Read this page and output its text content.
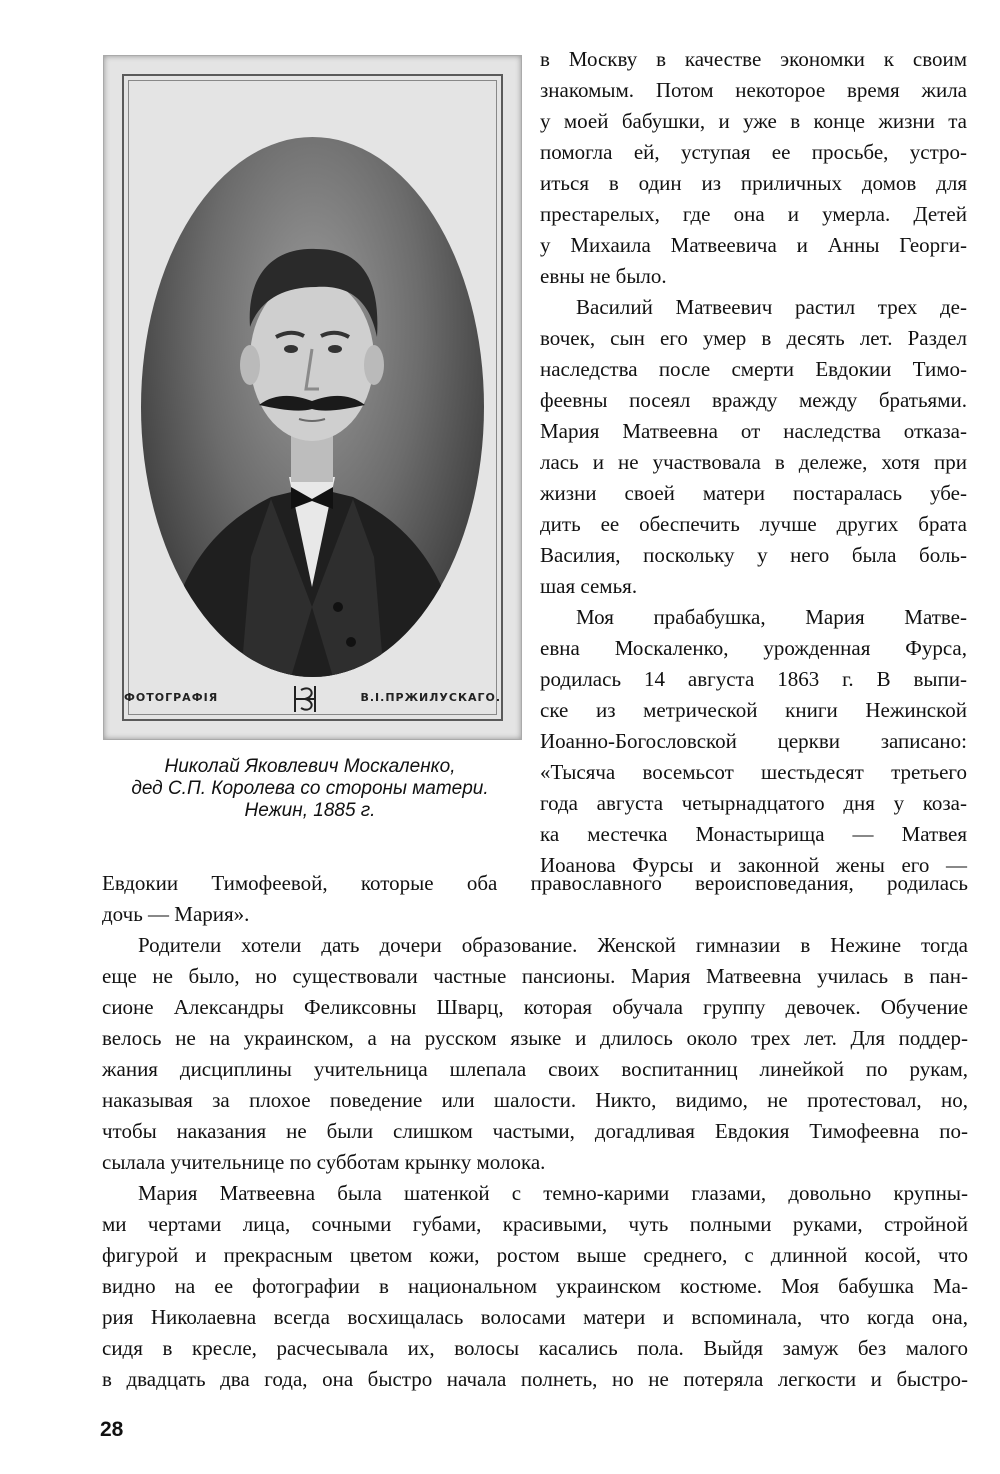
ФОТОГРАФIЯ	В.I.ПРЖИЛУСКАГО.
Николай Яковлевич Москаленко,
дед С.П. Королева со стороны матери.
Нежин, 1885 г.
в Москву в качестве экономки к своим
знакомым. Потом некоторое время жила
у моей бабушки, и уже в конце жизни та
помогла ей, уступая ее просьбе, устро-
иться в один из приличных домов для
престарелых, где она и умерла. Детей
у Михаила Матвеевича и Анны Георги-
евны не было.
Василий Матвеевич растил трех де-
вочек, сын его умер в десять лет. Раздел
наследства после смерти Евдокии Тимо-
феевны посеял вражду между братьями.
Мария Матвеевна от наследства отказа-
лась и не участвовала в дележе, хотя при
жизни своей матери постаралась убе-
дить ее обеспечить лучше других брата
Василия, поскольку у него была боль-
шая семья.
Моя прабабушка, Мария Матве-
евна Москаленко, урожденная Фурса,
родилась 14 августа 1863 г. В выпи-
ске из метрической книги Нежинской
Иоанно-Богословской церкви записано:
«Тысяча восемьсот шестьдесят третьего
года августа четырнадцатого дня у коза-
ка местечка Монастырища — Матвея
Иоанова Фурсы и законной жены его —
Евдокии Тимофеевой, которые оба православного вероисповедания, родилась
дочь — Мария».
Родители хотели дать дочери образование. Женской гимназии в Нежине тогда
еще не было, но существовали частные пансионы. Мария Матвеевна училась в пан-
сионе Александры Феликсовны Шварц, которая обучала группу девочек. Обучение
велось не на украинском, а на русском языке и длилось около трех лет. Для поддер-
жания дисциплины учительница шлепала своих воспитанниц линейкой по рукам,
наказывая за плохое поведение или шалости. Никто, видимо, не протестовал, но,
чтобы наказания не были слишком частыми, догадливая Евдокия Тимофеевна по-
сылала учительнице по субботам крынку молока.
Мария Матвеевна была шатенкой с темно-карими глазами, довольно крупны-
ми чертами лица, сочными губами, красивыми, чуть полными руками, стройной
фигурой и прекрасным цветом кожи, ростом выше среднего, с длинной косой, что
видно на ее фотографии в национальном украинском костюме. Моя бабушка Ма-
рия Николаевна всегда восхищалась волосами матери и вспоминала, что когда она,
сидя в кресле, расчесывала их, волосы касались пола. Выйдя замуж без малого
в двадцать два года, она быстро начала полнеть, но не потеряла легкости и быстро-
28
